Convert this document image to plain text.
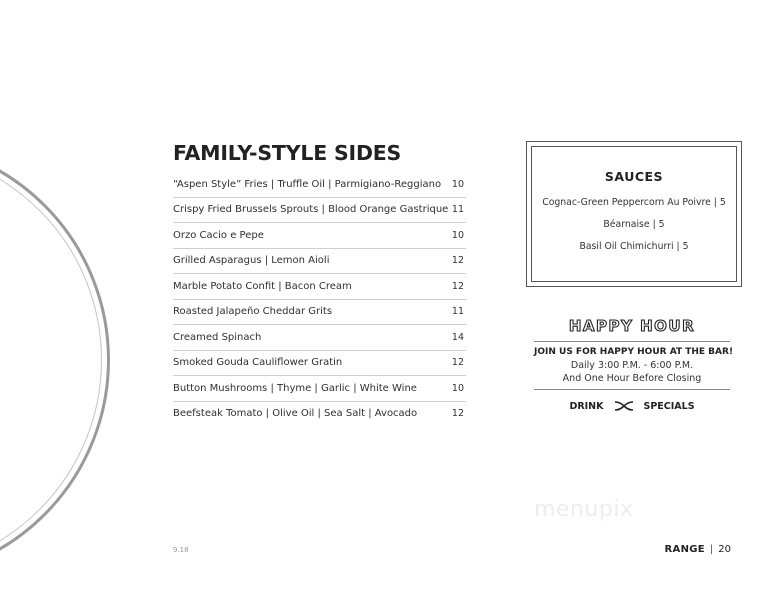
FAMILY-STYLE SIDES
“Aspen Style” Fries | Truffle Oil | Parmigiano-Reggiano 10
Crispy Fried Brussels Sprouts | Blood Orange Gastrique 11
Orzo Cacio e Pepe	10
Grilled Asparagus | Lemon Aioli	12
Marble Potato Confit | Bacon Cream	12
Roasted Jalapeño Cheddar Grits	11
Creamed Spinach	14
Smoked Gouda Cauliflower Gratin	12
Button Mushrooms | Thyme | Garlic | White Wine	10
Beefsteak Tomato | Olive Oil | Sea Salt | Avocado	12
SAUCES
Cognac-Green Peppercorn Au Poivre | 5
Béarnaise | 5
Basil Oil Chimichurri | 5
HAPPY HOUR
JOIN US FOR HAPPY HOUR AT THE BAR!
Daily 3:00 P.M. - 6:00 P.M.
And One Hour Before Closing
DRINK	SPECIALS
menupix
9.18	RANGE | 20
